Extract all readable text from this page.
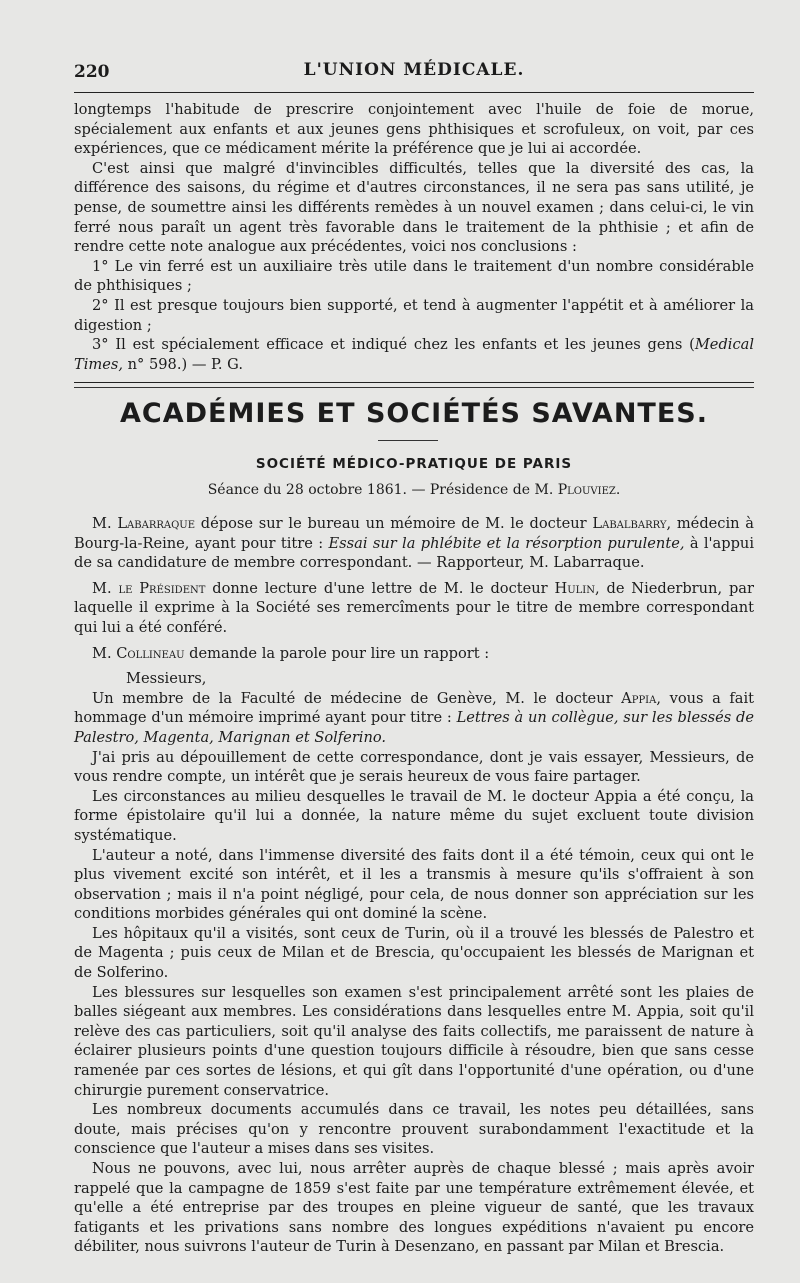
220	L'UNION MÉDICALE.

longtemps l'habitude de prescrire conjointement avec l'huile de foie de morue, spécialement aux enfants et aux jeunes gens phthisiques et scrofuleux, on voit, par ces expériences, que ce médicament mérite la préférence que je lui ai accordée.

C'est ainsi que malgré d'invincibles difficultés, telles que la diversité des cas, la différence des saisons, du régime et d'autres circonstances, il ne sera pas sans utilité, je pense, de soumettre ainsi les différents remèdes à un nouvel examen ; dans celui-ci, le vin ferré nous paraît un agent très favorable dans le traitement de la phthisie ; et afin de rendre cette note analogue aux précédentes, voici nos conclusions :

1° Le vin ferré est un auxiliaire très utile dans le traitement d'un nombre considérable de phthisiques ;

2° Il est presque toujours bien supporté, et tend à augmenter l'appétit et à améliorer la digestion ;

3° Il est spécialement efficace et indiqué chez les enfants et les jeunes gens (Medical Times, n° 598.) — P. G.

ACADÉMIES ET SOCIÉTÉS SAVANTES.
SOCIÉTÉ MÉDICO-PRATIQUE DE PARIS
Séance du 28 octobre 1861. — Présidence de M. Plouviez.

M. Labarraque dépose sur le bureau un mémoire de M. le docteur Labalbarry, médecin à Bourg-la-Reine, ayant pour titre : Essai sur la phlébite et la résorption purulente, à l'appui de sa candidature de membre correspondant. — Rapporteur, M. Labarraque.

M. le Président donne lecture d'une lettre de M. le docteur Hulin, de Niederbrun, par laquelle il exprime à la Société ses remercîments pour le titre de membre correspondant qui lui a été conféré.

M. Collineau demande la parole pour lire un rapport :

Messieurs,

Un membre de la Faculté de médecine de Genève, M. le docteur Appia, vous a fait hommage d'un mémoire imprimé ayant pour titre : Lettres à un collègue, sur les blessés de Palestro, Magenta, Marignan et Solferino.

J'ai pris au dépouillement de cette correspondance, dont je vais essayer, Messieurs, de vous rendre compte, un intérêt que je serais heureux de vous faire partager.

Les circonstances au milieu desquelles le travail de M. le docteur Appia a été conçu, la forme épistolaire qu'il lui a donnée, la nature même du sujet excluent toute division systématique.

L'auteur a noté, dans l'immense diversité des faits dont il a été témoin, ceux qui ont le plus vivement excité son intérêt, et il les a transmis à mesure qu'ils s'offraient à son observation ; mais il n'a point négligé, pour cela, de nous donner son appréciation sur les conditions morbides générales qui ont dominé la scène.

Les hôpitaux qu'il a visités, sont ceux de Turin, où il a trouvé les blessés de Palestro et de Magenta ; puis ceux de Milan et de Brescia, qu'occupaient les blessés de Marignan et de Solferino.

Les blessures sur lesquelles son examen s'est principalement arrêté sont les plaies de balles siégeant aux membres. Les considérations dans lesquelles entre M. Appia, soit qu'il relève des cas particuliers, soit qu'il analyse des faits collectifs, me paraissent de nature à éclairer plusieurs points d'une question toujours difficile à résoudre, bien que sans cesse ramenée par ces sortes de lésions, et qui gît dans l'opportunité d'une opération, ou d'une chirurgie purement conservatrice.

Les nombreux documents accumulés dans ce travail, les notes peu détaillées, sans doute, mais précises qu'on y rencontre prouvent surabondamment l'exactitude et la conscience que l'auteur a mises dans ses visites.

Nous ne pouvons, avec lui, nous arrêter auprès de chaque blessé ; mais après avoir rappelé que la campagne de 1859 s'est faite par une température extrêmement élevée, et qu'elle a été entreprise par des troupes en pleine vigueur de santé, que les travaux fatigants et les privations sans nombre des longues expéditions n'avaient pu encore débiliter, nous suivrons l'auteur de Turin à Desenzano, en passant par Milan et Brescia.
